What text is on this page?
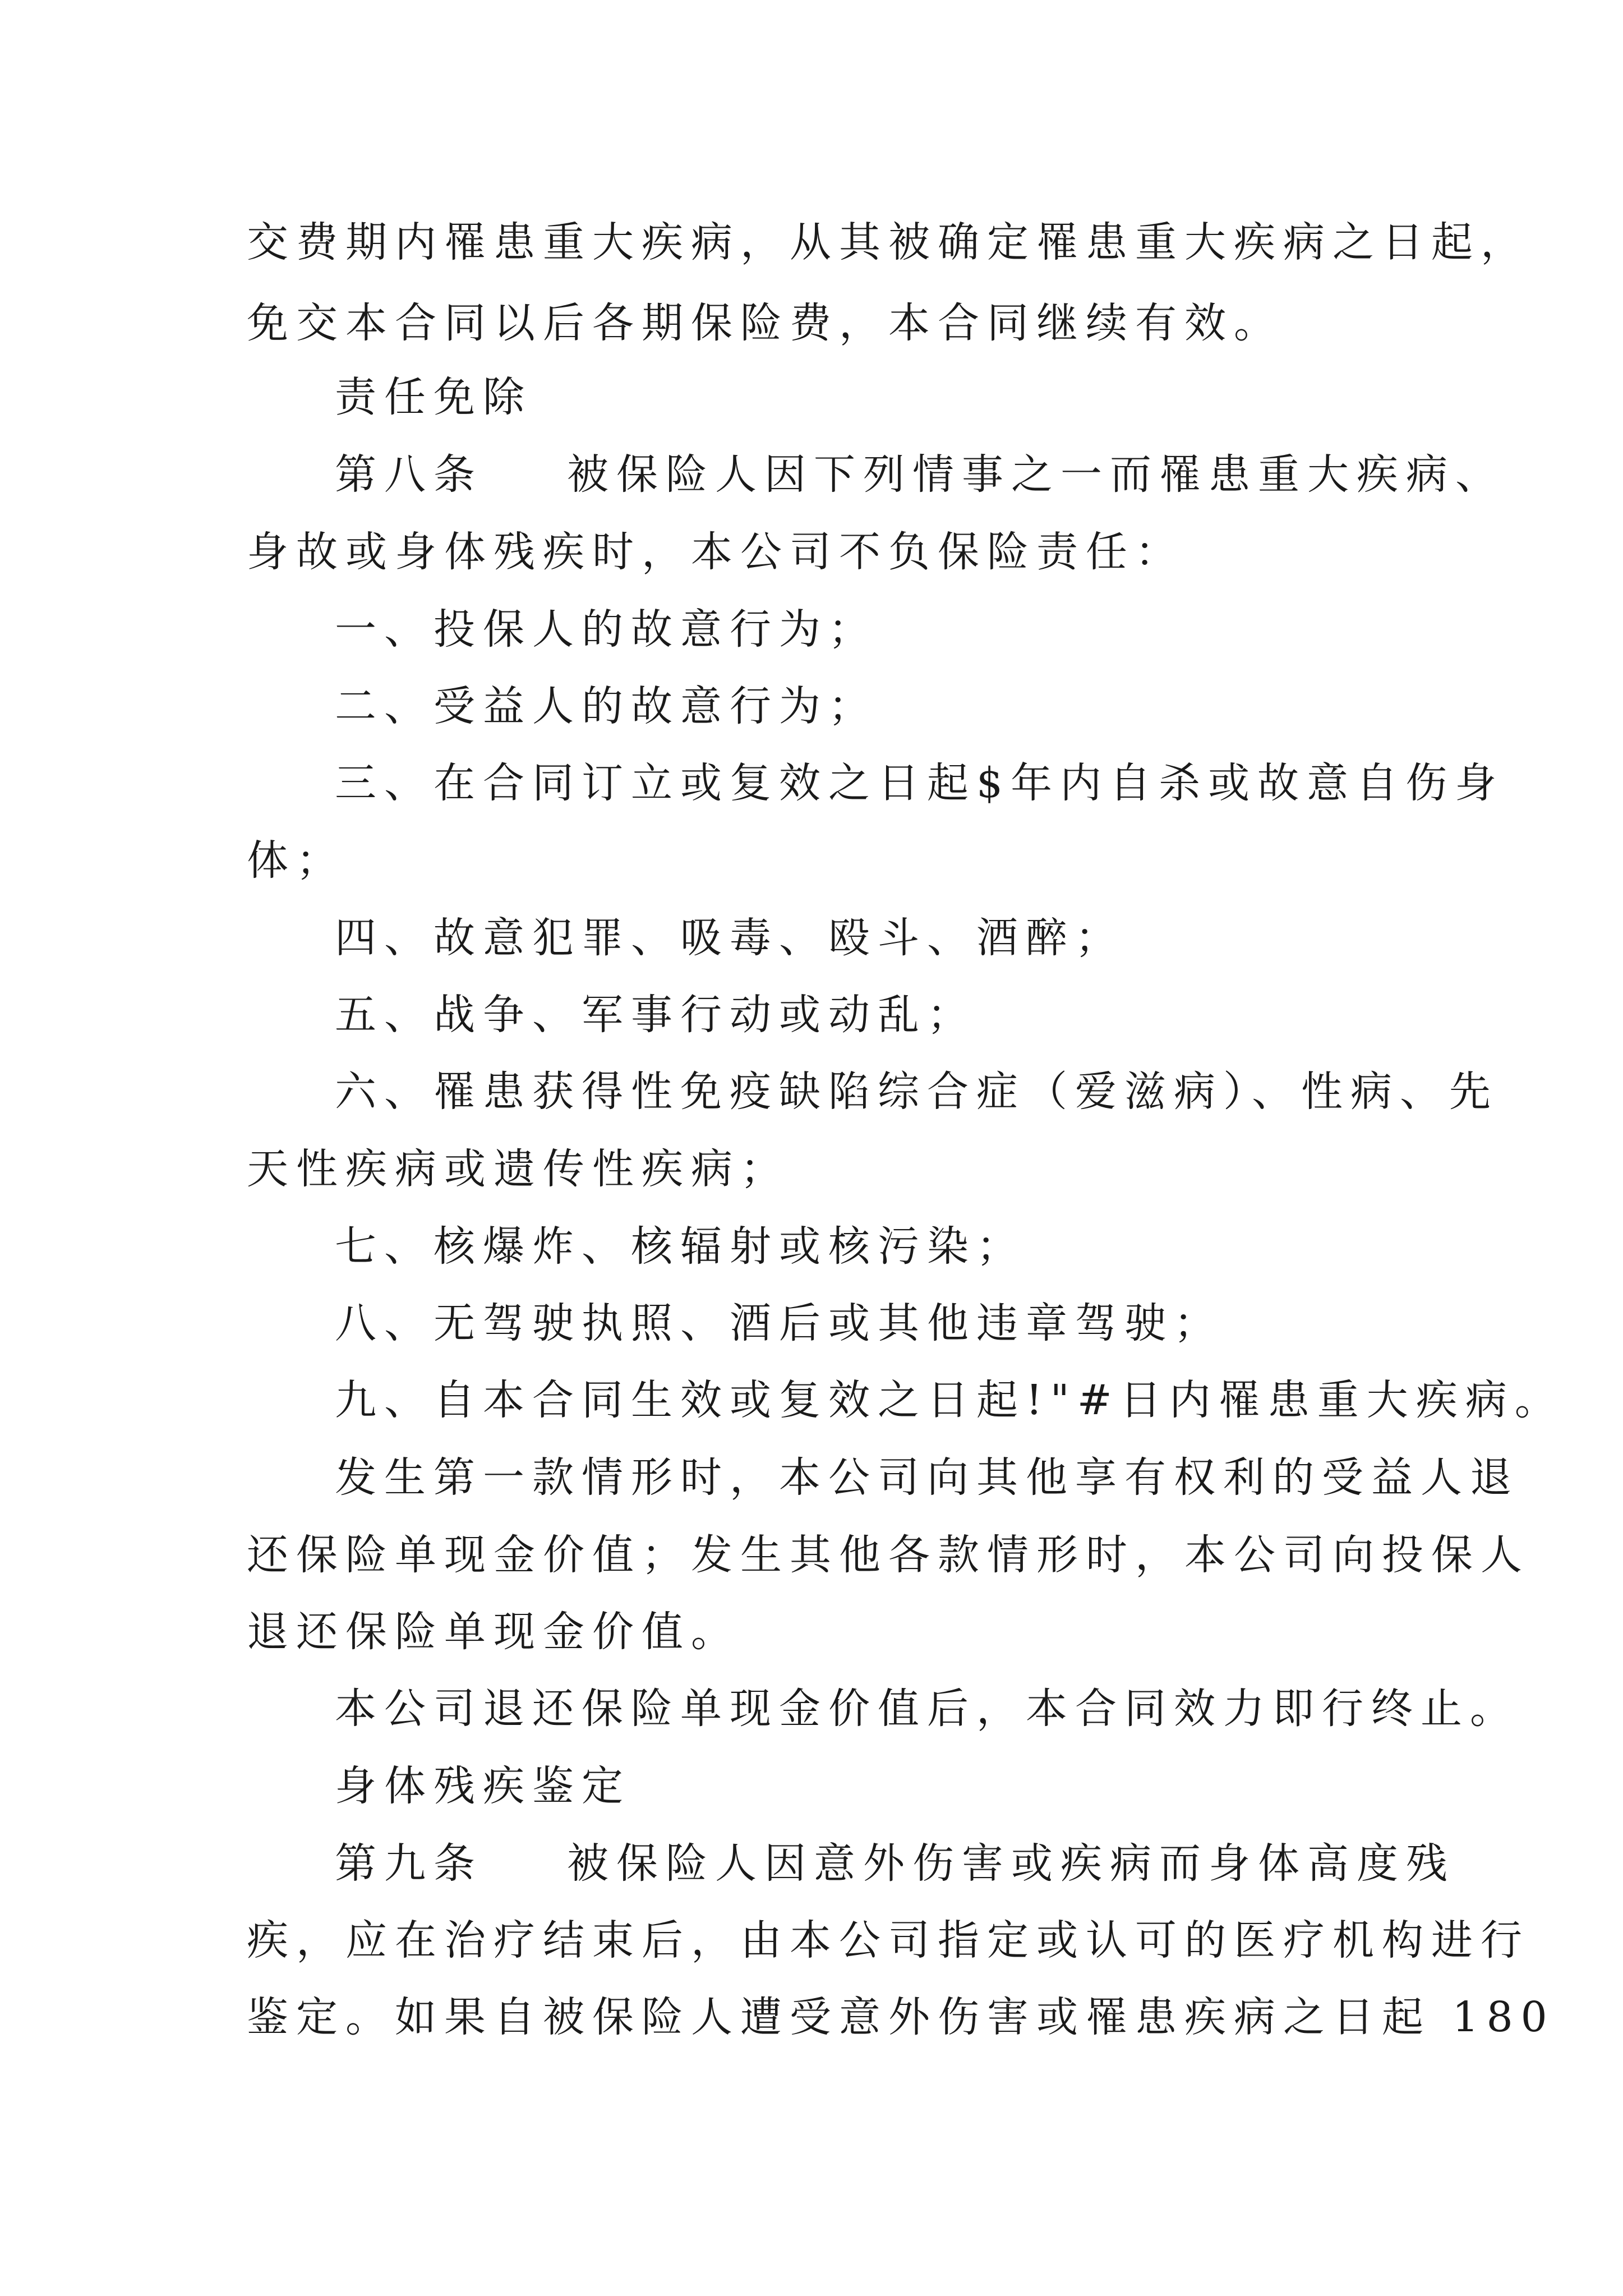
交费期内罹患重大疾病，从其被确定罹患重大疾病之日起，
免交本合同以后各期保险费，本合同继续有效。
责任免除
第八条 被保险人因下列情事之一而罹患重大疾病、
身故或身体残疾时，本公司不负保险责任：
一、投保人的故意行为；
二、受益人的故意行为；
三、在合同订立或复效之日起$年内自杀或故意自伤身
体；
四、故意犯罪、吸毒、殴斗、酒醉；
五、战争、军事行动或动乱；
六、罹患获得性免疫缺陷综合症（爱滋病）、性病、先
天性疾病或遗传性疾病；
七、核爆炸、核辐射或核污染；
八、无驾驶执照、酒后或其他违章驾驶；
九、自本合同生效或复效之日起!"#日内罹患重大疾病。
发生第一款情形时，本公司向其他享有权利的受益人退
还保险单现金价值；发生其他各款情形时，本公司向投保人
退还保险单现金价值。
本公司退还保险单现金价值后，本合同效力即行终止。
身体残疾鉴定
第九条 被保险人因意外伤害或疾病而身体高度残
疾，应在治疗结束后，由本公司指定或认可的医疗机构进行
鉴定。如果自被保险人遭受意外伤害或罹患疾病之日起 180
